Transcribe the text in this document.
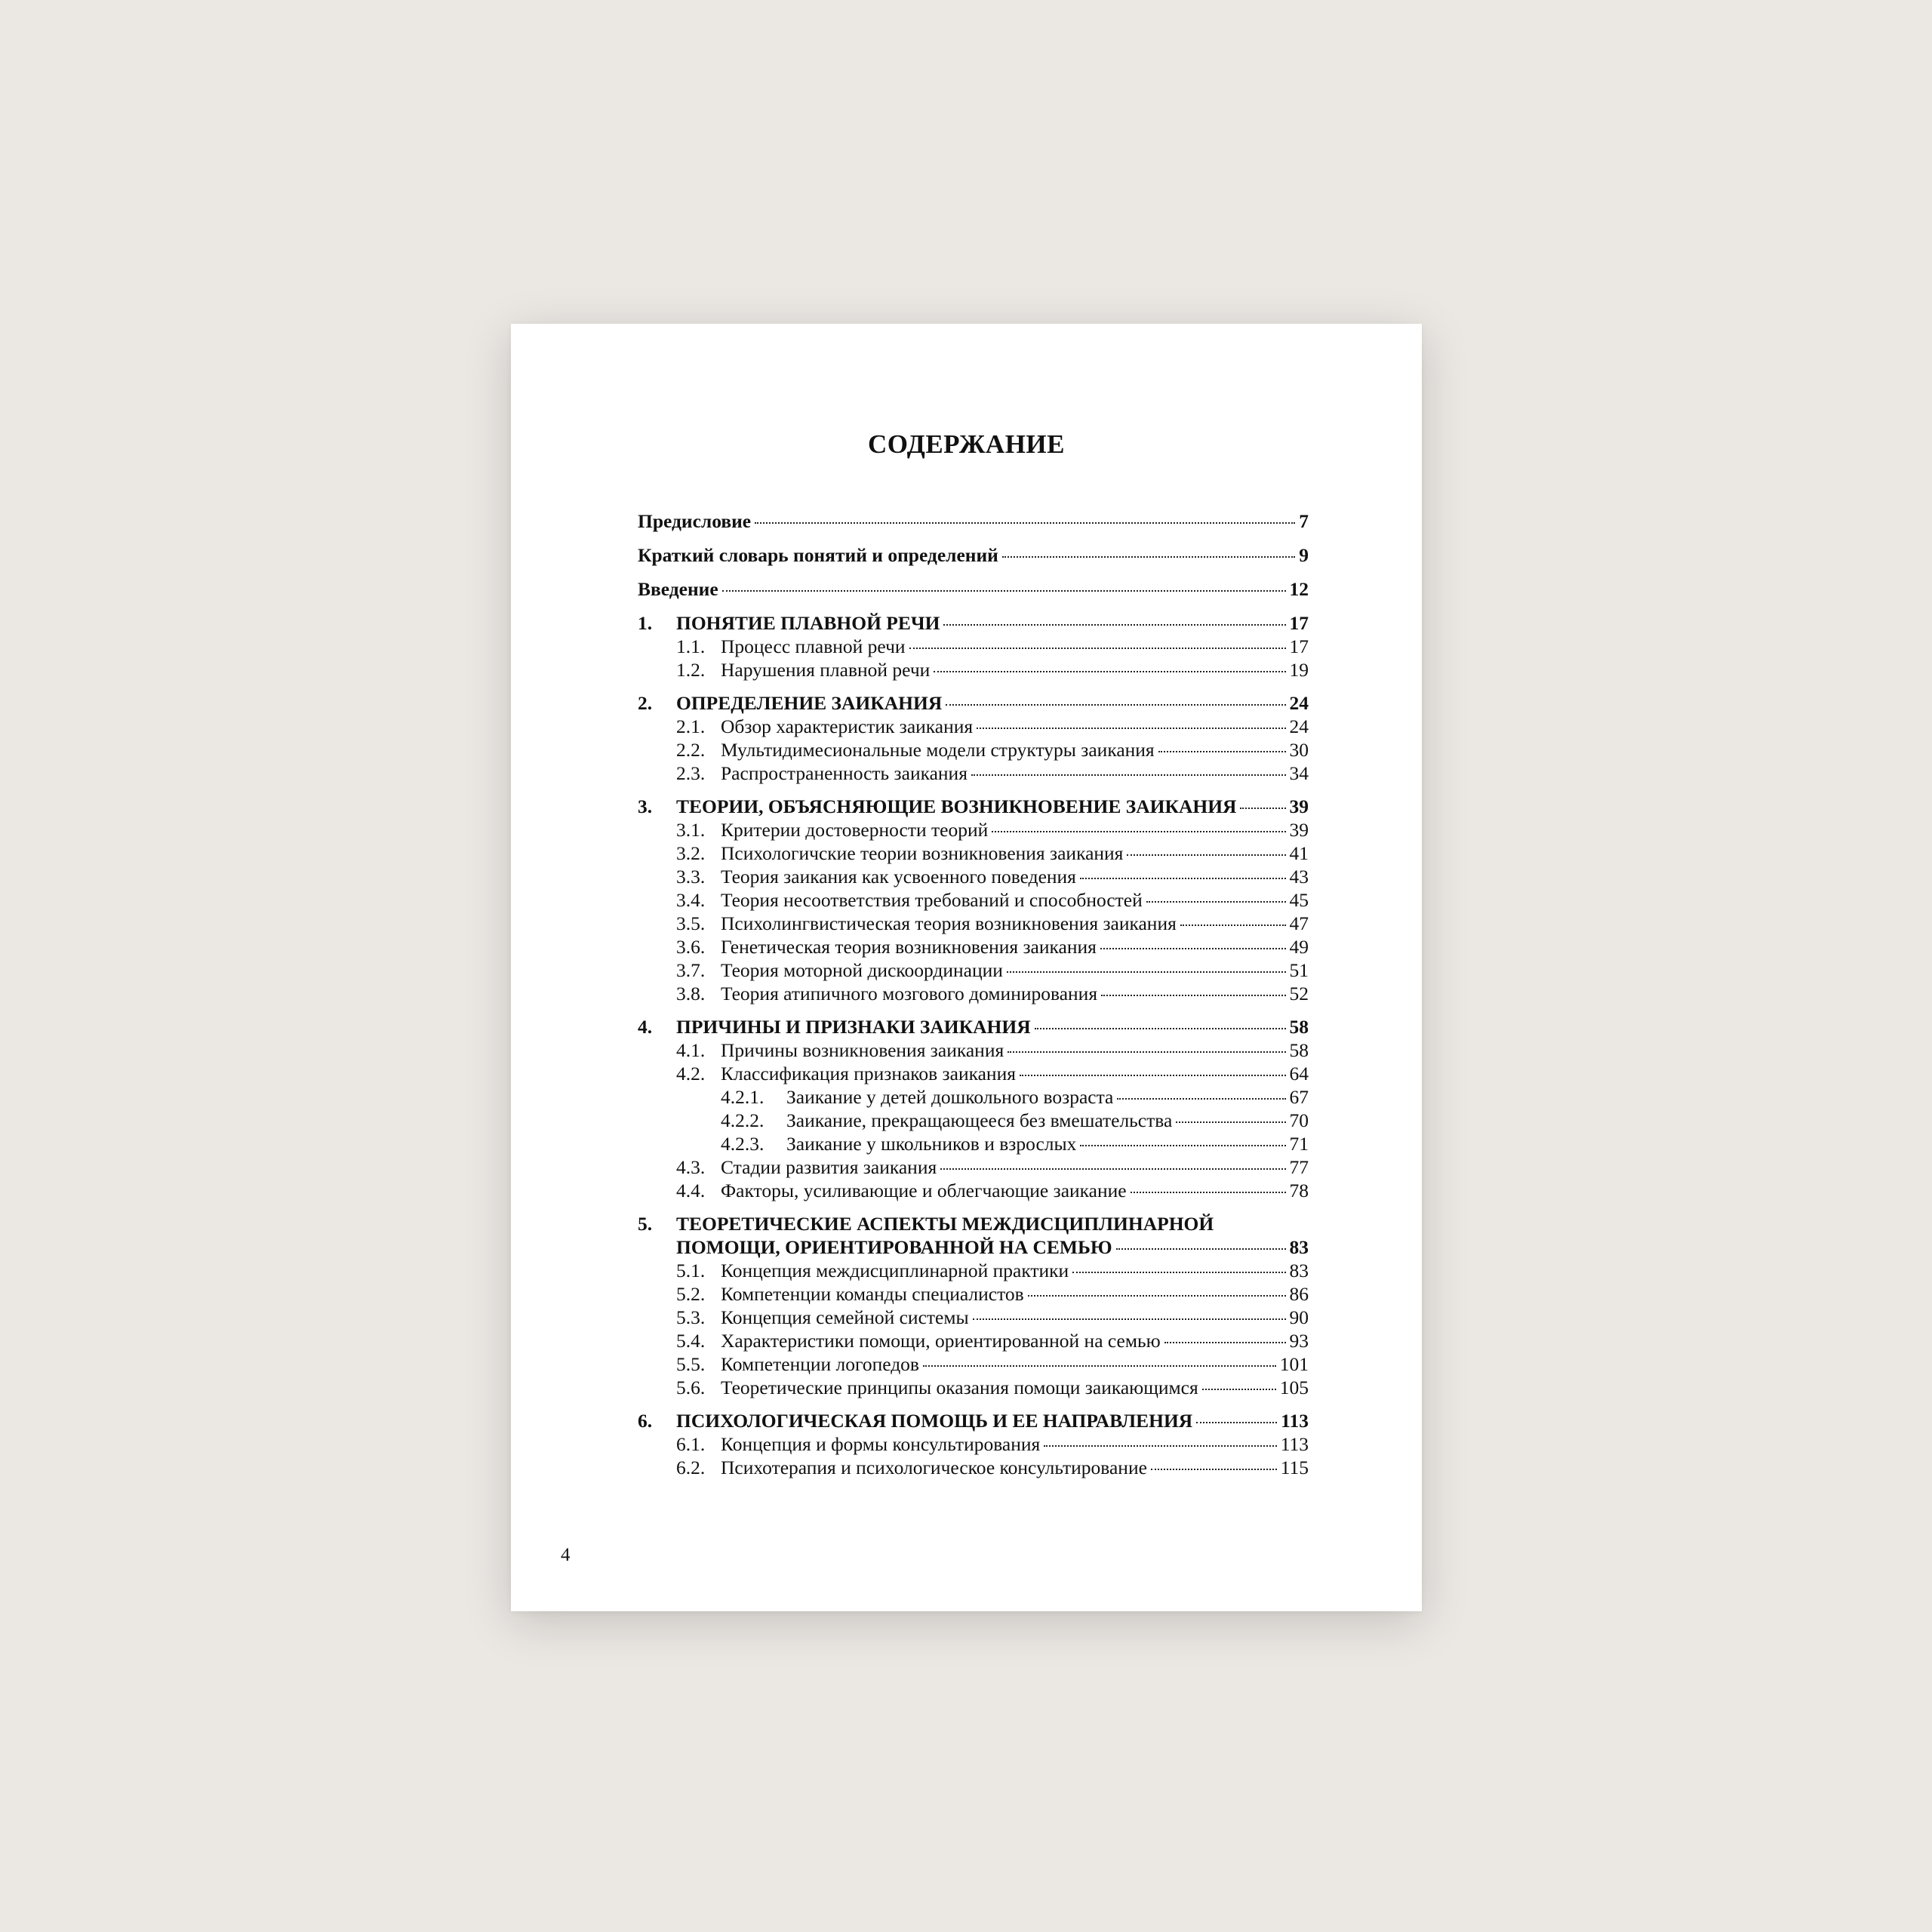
СОДЕРЖАНИЕ
Предисловие	7
Краткий словарь понятий и определений	9
Введение	12
1.	ПОНЯТИЕ ПЛАВНОЙ РЕЧИ	17
1.1. Процесс плавной речи	17
1.2. Нарушения плавной речи	19
2.	ОПРЕДЕЛЕНИЕ ЗАИКАНИЯ	24
2.1. Обзор характеристик заикания	24
2.2. Мультидимесиональные модели структуры заикания	30
2.3. Распространенность заикания	34
3.	ТЕОРИИ, ОБЪЯСНЯЮЩИЕ ВОЗНИКНОВЕНИЕ ЗАИКАНИЯ	39
3.1. Критерии достоверности теорий	39
3.2. Психологичские теории возникновения заикания	41
3.3. Теория заикания как усвоенного поведения	43
3.4. Теория несоответствия требований и способностей	45
3.5. Психолингвистическая теория возникновения заикания	47
3.6. Генетическая теория возникновения заикания	49
3.7. Теория моторной дискоординации	51
3.8. Теория атипичного мозгового доминирования	52
4.	ПРИЧИНЫ И ПРИЗНАКИ ЗАИКАНИЯ	58
4.1. Причины возникновения заикания	58
4.2. Классификация признаков заикания	64
4.2.1.	Заикание у детей дошкольного возраста	67
4.2.2.	Заикание, прекращающееся без вмешательства	70
4.2.3.	Заикание у школьников и взрослых	71
4.3. Стадии развития заикания	77
4.4. Факторы, усиливающие и облегчающие заикание	78
5.	ТЕОРЕТИЧЕСКИЕ АСПЕКТЫ МЕЖДИСЦИПЛИНАРНОЙ
ПОМОЩИ, ОРИЕНТИРОВАННОЙ НА СЕМЬЮ	83
5.1. Концепция междисциплинарной практики	83
5.2. Компетенции команды специалистов	86
5.3. Концепция семейной системы	90
5.4. Характеристики помощи, ориентированной на семью	93
5.5. Компетенции логопедов	101
5.6. Теоретические принципы оказания помощи заикающимся	105
6.	ПСИХОЛОГИЧЕСКАЯ ПОМОЩЬ И ЕЕ НАПРАВЛЕНИЯ	113
6.1. Концепция и формы консультирования	113
6.2. Психотерапия и психологическое консультирование	115
4
